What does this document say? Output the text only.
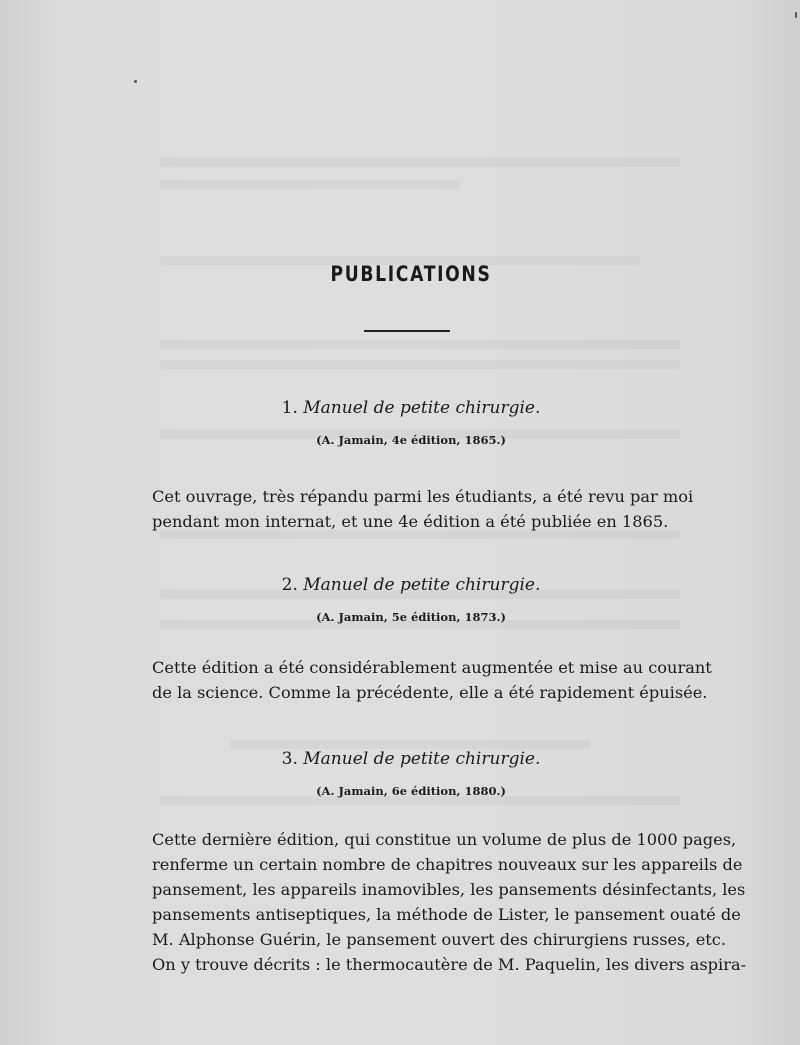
PUBLICATIONS
1. Manuel de petite chirurgie.
(A. Jamain, 4e édition, 1865.)
Cet ouvrage, très répandu parmi les étudiants, a été revu par moi
pendant mon internat, et une 4e édition a été publiée en 1865.
2. Manuel de petite chirurgie.
(A. Jamain, 5e édition, 1873.)
Cette édition a été considérablement augmentée et mise au courant
de la science. Comme la précédente, elle a été rapidement épuisée.
3. Manuel de petite chirurgie.
(A. Jamain, 6e édition, 1880.)
Cette dernière édition, qui constitue un volume de plus de 1000 pages,
renferme un certain nombre de chapitres nouveaux sur les appareils de
pansement, les appareils inamovibles, les pansements désinfectants, les
pansements antiseptiques, la méthode de Lister, le pansement ouaté de
M. Alphonse Guérin, le pansement ouvert des chirurgiens russes, etc.
On y trouve décrits : le thermocautère de M. Paquelin, les divers aspira-
